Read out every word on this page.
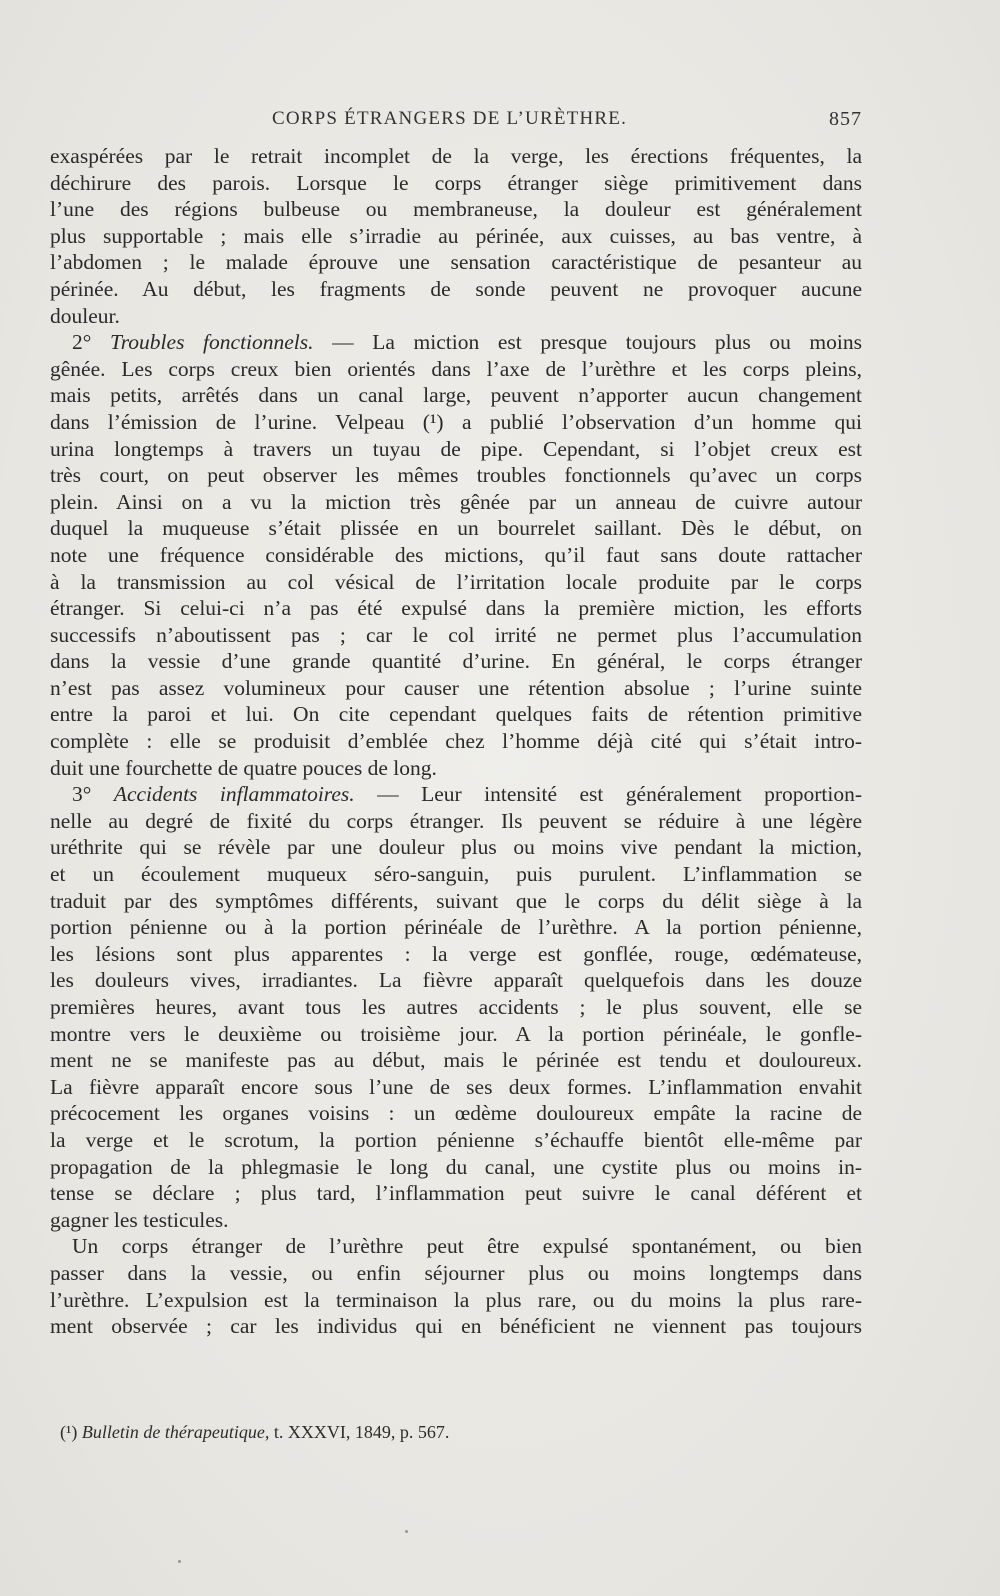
CORPS ÉTRANGERS DE L’URÈTHRE.	857
exaspérées par le retrait incomplet de la verge, les érections fréquentes, la
déchirure des parois. Lorsque le corps étranger siège primitivement dans
l’une des régions bulbeuse ou membraneuse, la douleur est généralement
plus supportable ; mais elle s’irradie au périnée, aux cuisses, au bas ventre, à
l’abdomen ; le malade éprouve une sensation caractéristique de pesanteur au
périnée. Au début, les fragments de sonde peuvent ne provoquer aucune
douleur.
2° Troubles fonctionnels. — La miction est presque toujours plus ou moins
gênée. Les corps creux bien orientés dans l’axe de l’urèthre et les corps pleins,
mais petits, arrêtés dans un canal large, peuvent n’apporter aucun changement
dans l’émission de l’urine. Velpeau (¹) a publié l’observation d’un homme qui
urina longtemps à travers un tuyau de pipe. Cependant, si l’objet creux est
très court, on peut observer les mêmes troubles fonctionnels qu’avec un corps
plein. Ainsi on a vu la miction très gênée par un anneau de cuivre autour
duquel la muqueuse s’était plissée en un bourrelet saillant. Dès le début, on
note une fréquence considérable des mictions, qu’il faut sans doute rattacher
à la transmission au col vésical de l’irritation locale produite par le corps
étranger. Si celui-ci n’a pas été expulsé dans la première miction, les efforts
successifs n’aboutissent pas ; car le col irrité ne permet plus l’accumulation
dans la vessie d’une grande quantité d’urine. En général, le corps étranger
n’est pas assez volumineux pour causer une rétention absolue ; l’urine suinte
entre la paroi et lui. On cite cependant quelques faits de rétention primitive
complète : elle se produisit d’emblée chez l’homme déjà cité qui s’était intro-
duit une fourchette de quatre pouces de long.
3° Accidents inflammatoires. — Leur intensité est généralement proportion-
nelle au degré de fixité du corps étranger. Ils peuvent se réduire à une légère
uréthrite qui se révèle par une douleur plus ou moins vive pendant la miction,
et un écoulement muqueux séro-sanguin, puis purulent. L’inflammation se
traduit par des symptômes différents, suivant que le corps du délit siège à la
portion pénienne ou à la portion périnéale de l’urèthre. A la portion pénienne,
les lésions sont plus apparentes : la verge est gonflée, rouge, œdémateuse,
les douleurs vives, irradiantes. La fièvre apparaît quelquefois dans les douze
premières heures, avant tous les autres accidents ; le plus souvent, elle se
montre vers le deuxième ou troisième jour. A la portion périnéale, le gonfle-
ment ne se manifeste pas au début, mais le périnée est tendu et douloureux.
La fièvre apparaît encore sous l’une de ses deux formes. L’inflammation envahit
précocement les organes voisins : un œdème douloureux empâte la racine de
la verge et le scrotum, la portion pénienne s’échauffe bientôt elle-même par
propagation de la phlegmasie le long du canal, une cystite plus ou moins in-
tense se déclare ; plus tard, l’inflammation peut suivre le canal déférent et
gagner les testicules.
Un corps étranger de l’urèthre peut être expulsé spontanément, ou bien
passer dans la vessie, ou enfin séjourner plus ou moins longtemps dans
l’urèthre. L’expulsion est la terminaison la plus rare, ou du moins la plus rare-
ment observée ; car les individus qui en bénéficient ne viennent pas toujours
(¹) Bulletin de thérapeutique, t. XXXVI, 1849, p. 567.
